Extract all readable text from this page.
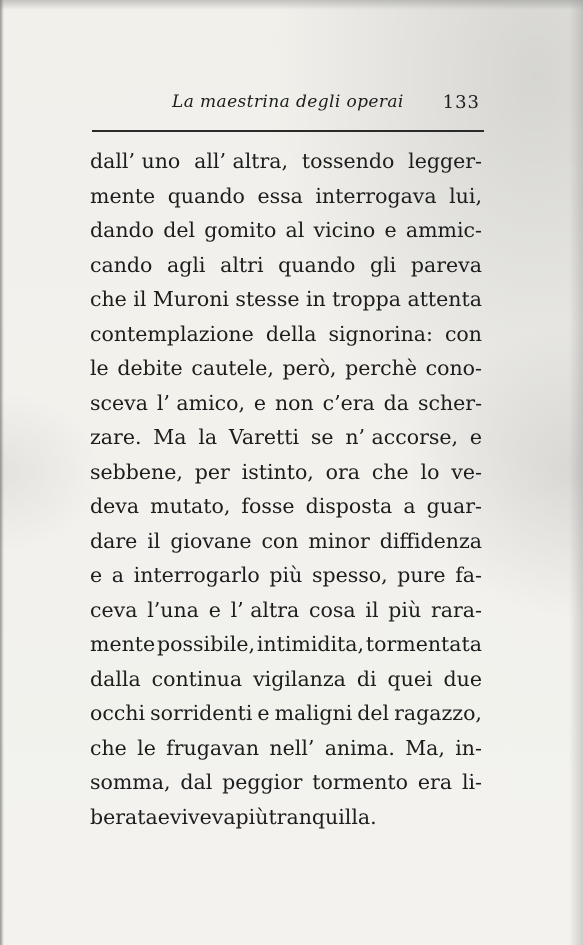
La maestrina degli operai 133
dall’ uno all’ altra, tossendo legger-
mente quando essa interrogava lui,
dando del gomito al vicino e ammic-
cando agli altri quando gli pareva
che il Muroni stesse in troppa attenta
contemplazione della signorina: con
le debite cautele, però, perchè cono-
sceva l’ amico, e non c’era da scher-
zare. Ma la Varetti se n’ accorse, e
sebbene, per istinto, ora che lo ve-
deva mutato, fosse disposta a guar-
dare il giovane con minor diffidenza
e a interrogarlo più spesso, pure fa-
ceva l’una e l’ altra cosa il più rara-
mente possibile, intimidita, tormentata
dalla continua vigilanza di quei due
occhi sorridenti e maligni del ragazzo,
che le frugavan nell’ anima. Ma, in-
somma, dal peggior tormento era li-
berata e viveva più tranquilla.
